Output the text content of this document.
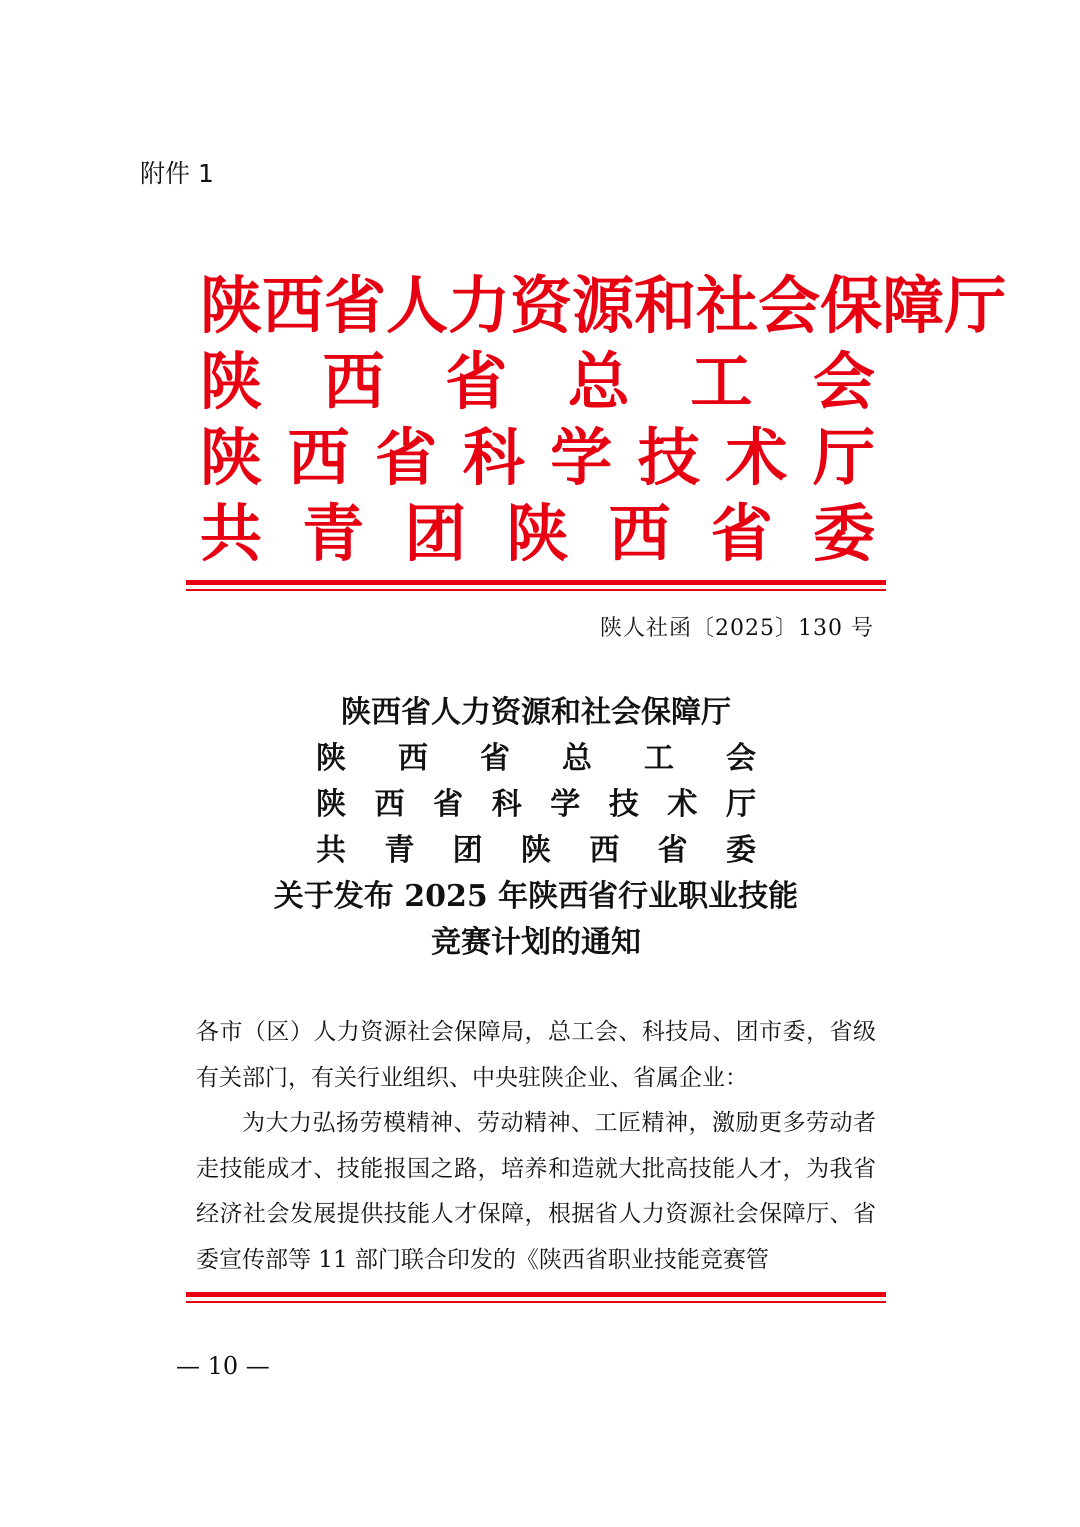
附件 1
陕 西 省 人 力 资 源 和 社 会 保 障 厅
陕 西 省 总 工 会
陕 西 省 科 学 技 术 厅
共 青 团 陕 西 省 委
陕人社函〔2025〕130 号
陕西省人力资源和社会保障厅
陕 西 省 总 工 会
陕 西 省 科 学 技 术 厅
共 青 团 陕 西 省 委
关于发布 2025 年陕西省行业职业技能
竞赛计划的通知

各市（区）人力资源社会保障局，总工会、科技局、团市委，省级有关部门，有关行业组织、中央驻陕企业、省属企业：

为大力弘扬劳模精神、劳动精神、工匠精神，激励更多劳动者走技能成才、技能报国之路，培养和造就大批高技能人才，为我省经济社会发展提供技能人才保障，根据省人力资源社会保障厅、省委宣传部等 11 部门联合印发的《陕西省职业技能竞赛管

— 10 —
